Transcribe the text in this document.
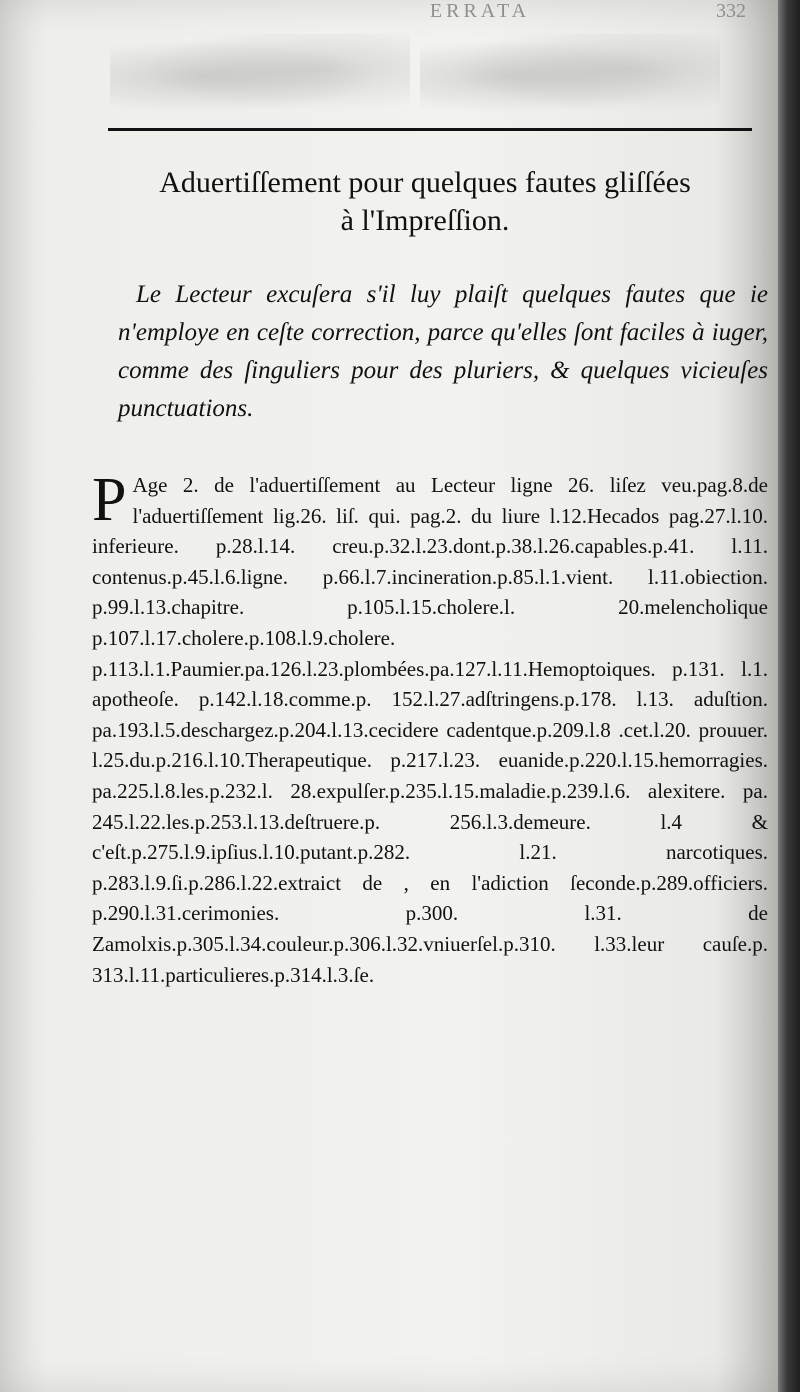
ERRATA	332
Aduertiſſement pour quelques fautes gliſſées
à l'Impreſſion.
Le Lecteur excuſera s'il luy plaiſt quelques fautes que ie n'employe en ceſte correction, parce qu'elles ſont faciles à iuger, comme des ſinguliers pour des pluriers, & quelques vicieuſes punctuations.
P Age 2. de l'aduertiſſement au Lecteur ligne 26. liſez veu.pag.8.de l'aduertiſſement lig.26. liſ. qui. pag.2. du liure l.12.Hecados pag.27.l.10. inferieure. p.28.l.14. creu.p.32.l.23.dont.p.38.l.26.capables.p.41. l.11. contenus.p.45.l.6.ligne. p.66.l.7.incineration.p.85.l.1.vient. l.11.obiection. p.99.l.13.chapitre. p.105.l.15.cholere.l. 20.melencholique p.107.l.17.cholere.p.108.l.9.cholere. p.113.l.1.Paumier.pa.126.l.23.plombées.pa.127.l.11.Hemoptoiques. p.131. l.1. apotheoſe. p.142.l.18.comme.p. 152.l.27.adſtringens.p.178. l.13. aduſtion. pa.193.l.5.deschargez.p.204.l.13.cecidere cadentque.p.209.l.8 .cet.l.20. prouuer. l.25.du.p.216.l.10.Therapeutique. p.217.l.23. euanide.p.220.l.15.hemorragies. pa.225.l.8.les.p.232.l. 28.expulſer.p.235.l.15.maladie.p.239.l.6. alexitere. pa. 245.l.22.les.p.253.l.13.deſtruere.p. 256.l.3.demeure. l.4 & c'eſt.p.275.l.9.ipſius.l.10.putant.p.282. l.21. narcotiques. p.283.l.9.ſi.p.286.l.22.extraict de , en l'adiction ſeconde.p.289.officiers. p.290.l.31.cerimonies. p.300. l.31. de Zamolxis.p.305.l.34.couleur.p.306.l.32.vniuerſel.p.310. l.33.leur cauſe.p. 313.l.11.particulieres.p.314.l.3.ſe.
